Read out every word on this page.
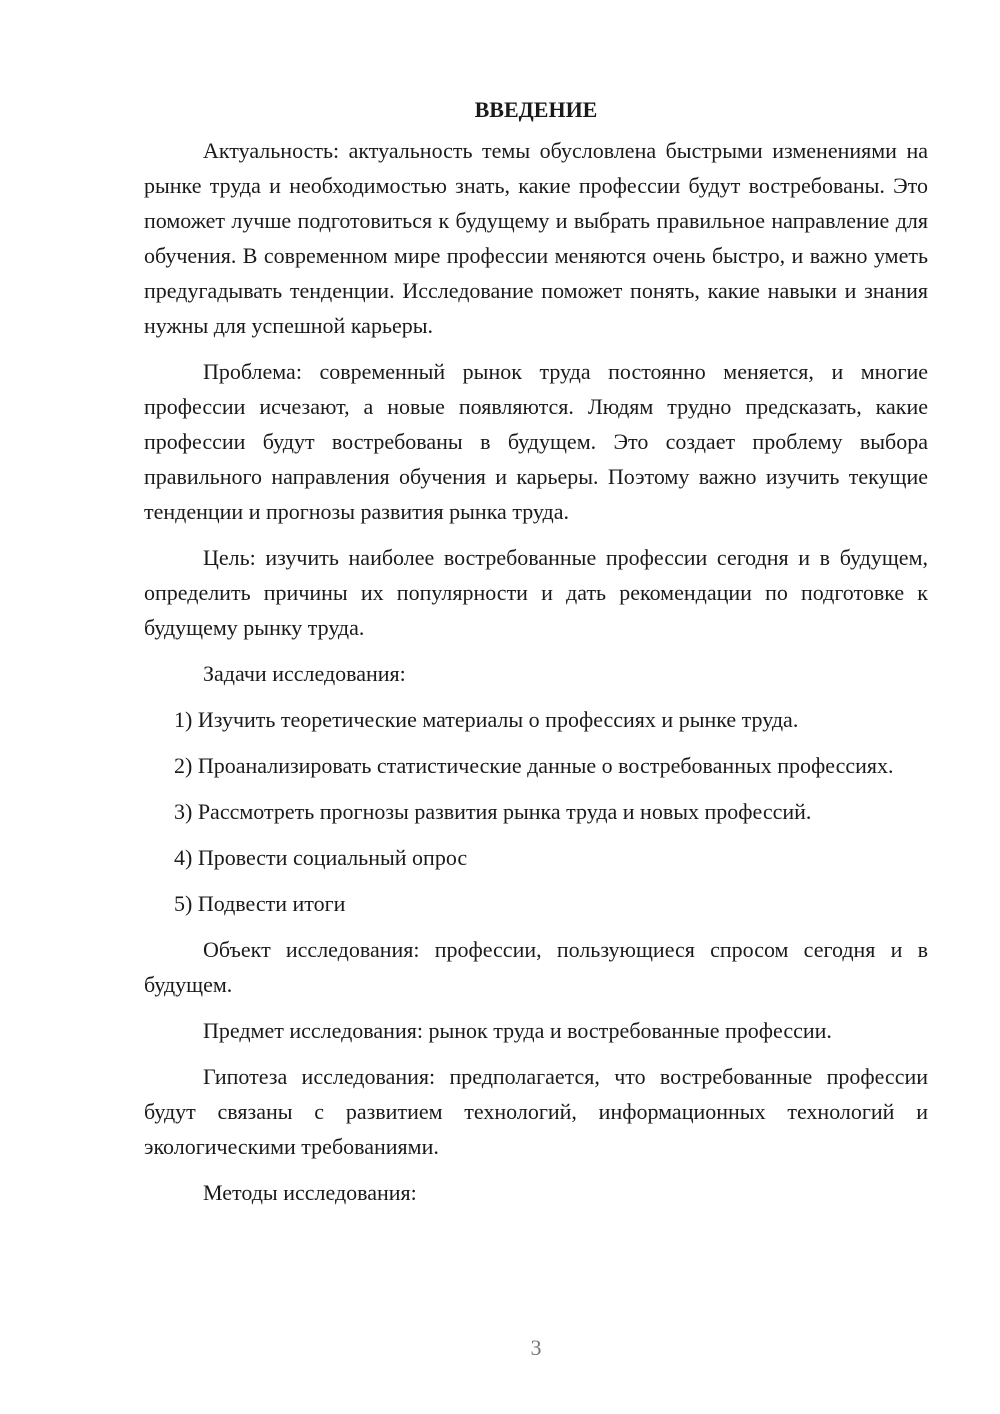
ВВЕДЕНИЕ

Актуальность: актуальность темы обусловлена быстрыми изменениями на рынке труда и необходимостью знать, какие профессии будут востребованы. Это поможет лучше подготовиться к будущему и выбрать правильное направление для обучения. В современном мире профессии меняются очень быстро, и важно уметь предугадывать тенденции. Исследование поможет понять, какие навыки и знания нужны для успешной карьеры.

Проблема: современный рынок труда постоянно меняется, и многие профессии исчезают, а новые появляются. Людям трудно предсказать, какие профессии будут востребованы в будущем. Это создает проблему выбора правильного направления обучения и карьеры. Поэтому важно изучить текущие тенденции и прогнозы развития рынка труда.

Цель: изучить наиболее востребованные профессии сегодня и в будущем, определить причины их популярности и дать рекомендации по подготовке к будущему рынку труда.

Задачи исследования:

1) Изучить теоретические материалы о профессиях и рынке труда.

2) Проанализировать статистические данные о востребованных профессиях.

3) Рассмотреть прогнозы развития рынка труда и новых профессий.

4) Провести социальный опрос

5) Подвести итоги

Объект исследования: профессии, пользующиеся спросом сегодня и в будущем.

Предмет исследования: рынок труда и востребованные профессии.

Гипотеза исследования: предполагается, что востребованные профессии будут связаны с развитием технологий, информационных технологий и экологическими требованиями.

Методы исследования:

3
